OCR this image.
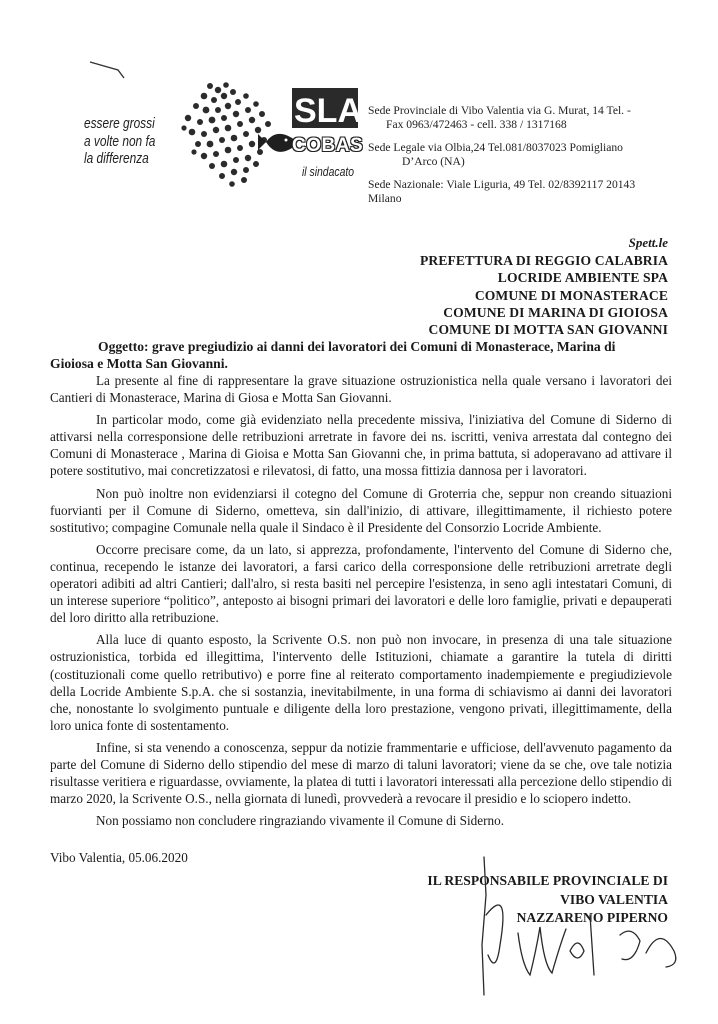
SLAI
essere grossi
a volte non fa
la differenza
COBAS
il sindacato
Sede Provinciale di Vibo Valentia via G. Murat, 14 Tel. -
Fax 0963/472463 - cell. 338 / 1317168
Sede Legale via Olbia,24 Tel.081/8037023 Pomigliano
D’Arco (NA)
Sede Nazionale: Viale Liguria, 49 Tel. 02/8392117 20143
Milano
Spett.le
PREFETTURA DI REGGIO CALABRIA
LOCRIDE AMBIENTE SPA
COMUNE DI MONASTERACE
COMUNE DI MARINA DI GIOIOSA
COMUNE DI MOTTA SAN GIOVANNI
Oggetto: grave pregiudizio ai danni dei lavoratori dei Comuni di Monasterace, Marina di
Gioiosa e Motta San Giovanni.

La presente al fine di rappresentare la grave situazione ostruzionistica nella quale versano i lavoratori dei Cantieri di Monasterace, Marina di Giosa e Motta San Giovanni.

In particolar modo, come già evidenziato nella precedente missiva, l'iniziativa del Comune di Siderno di attivarsi nella corresponsione delle retribuzioni arretrate in favore dei ns. iscritti, veniva arrestata dal contegno dei Comuni di Monasterace , Marina di Gioisa e Motta San Giovanni che, in prima battuta, si adoperavano ad attivare il potere sostitutivo, mai concretizzatosi e rilevatosi, di fatto, una mossa fittizia dannosa per i lavoratori.

Non può inoltre non evidenziarsi il cotegno del Comune di Groterria che, seppur non creando situazioni fuorvianti per il Comune di Siderno, ometteva, sin dall'inizio, di attivare, illegittimamente, il richiesto potere sostitutivo; compagine Comunale nella quale il Sindaco è il Presidente del Consorzio Locride Ambiente.

Occorre precisare come, da un lato, si apprezza, profondamente, l'intervento del Comune di Siderno che, continua, recependo le istanze dei lavoratori, a farsi carico della corresponsione delle retribuzioni arretrate degli operatori adibiti ad altri Cantieri; dall'alro, si resta basiti nel percepire l'esistenza, in seno agli intestatari Comuni, di un interese superiore “politico”, anteposto ai bisogni primari dei lavoratori e delle loro famiglie, privati e depauperati del loro diritto alla retribuzione.

Alla luce di quanto esposto, la Scrivente O.S. non può non invocare, in presenza di una tale situazione ostruzionistica, torbida ed illegittima, l'intervento delle Istituzioni, chiamate a garantire la tutela di diritti (costituzionali come quello retributivo) e porre fine al reiterato comportamento inadempiemente e pregiudizievole della Locride Ambiente S.p.A. che si sostanzia, inevitabilmente, in una forma di schiavismo ai danni dei lavoratori che, nonostante lo svolgimento puntuale e diligente della loro prestazione, vengono privati, illegittimamente, della loro unica fonte di sostentamento.

Infine, si sta venendo a conoscenza, seppur da notizie frammentarie e ufficiose, dell'avvenuto pagamento da parte del Comune di Siderno dello stipendio del mese di marzo di taluni lavoratori; viene da se che, ove tale notizia risultasse veritiera e riguardasse, ovviamente, la platea di tutti i lavoratori interessati alla percezione dello stipendio di marzo 2020, la Scrivente O.S., nella giornata di lunedì, provvederà a revocare il presidio e lo sciopero indetto.

Non possiamo non concludere ringraziando vivamente il Comune di Siderno.

Vibo Valentia, 05.06.2020
IL RESPONSABILE PROVINCIALE DI
VIBO VALENTIA
NAZZARENO PIPERNO
